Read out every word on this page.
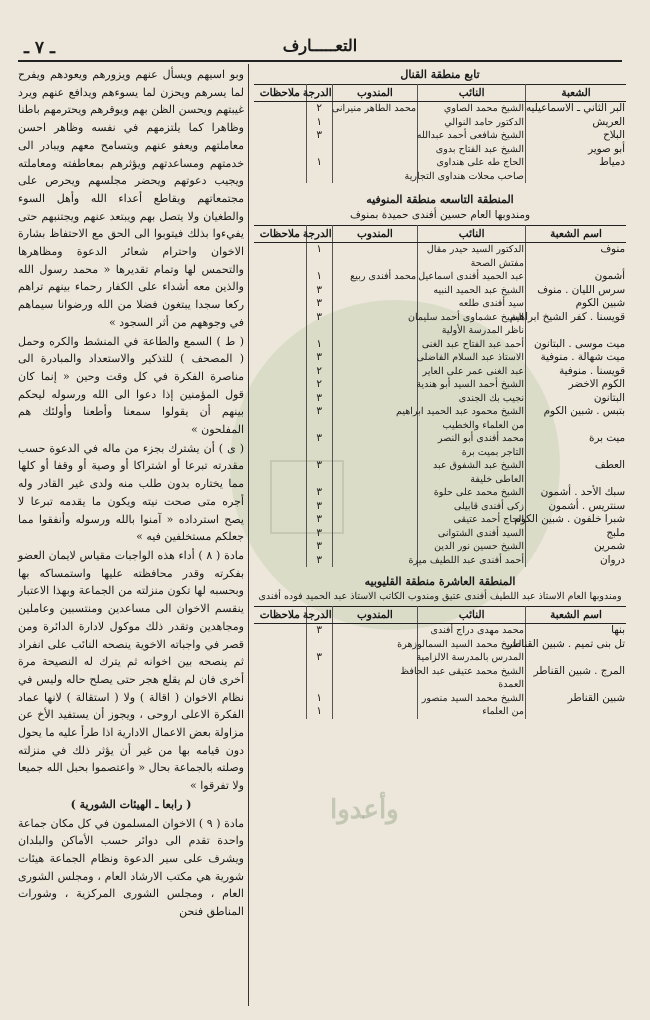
وأعدوا
التعـــــارف
ـ ٧ ـ

وبو اسيهم ويسأل عنهم ويزورهم ويعودهم ويفرح لما يسرهم ويحزن لما يسوءهم ويدافع عنهم ويرد غيبتهم ويحسن الظن بهم ويوقرهم ويحترمهم باطنا وظاهرا كما يلتزمهم في نفسه وظاهر احسن معاملتهم ويعفو عنهم ويتسامح معهم ويبادر الى خدمتهم ومساعدتهم ويؤثرهم بمعاطفته ومعاملته ويجيب دعوتهم ويحضر مجلسهم ويحرص على مجتمعاتهم ويقاطع أعداء الله وأهل السوء والطغيان ولا يتصل بهم ويبتعد عنهم ويجتنبهم حتى يفيءوا بذلك فيتوبوا الى الحق مع الاحتفاظ بشارة الاخوان واحترام شعائر الدعوة ومظاهرها والتحمس لها وتمام تقديرها « محمد رسول الله والذين معه أشداء على الكفار رحماء بينهم تراهم ركعا سجدا يبتغون فضلا من الله ورضوانا سيماهم في وجوههم من أثر السجود »

( ط ) السمع والطاعة في المنشط والكره وحمل ( المصحف ) للتذكير والاستعداد والمبادرة الى مناصرة الفكرة في كل وقت وحين « إنما كان قول المؤمنين إذا دعوا الى الله ورسوله ليحكم بينهم أن يقولوا سمعنا وأطعنا وأولئك هم المفلحون »

( ى ) أن يشترك بجزء من ماله في الدعوة حسب مقدرته تبرعا أو اشتراكا أو وصية أو وقفا أو كلها مما يختاره بدون طلب منه ولدى غير القادر وله أجره متى صحت نيته ويكون ما يقدمه تبرعا لا يصح استرداده « آمنوا بالله ورسوله وأنفقوا مما جعلكم مستخلفين فيه »

مادة ( ٨ ) أداء هذه الواجبات مقياس لايمان العضو بفكرته وقدر محافظته عليها واستمساكه بها وبحسبه لها تكون منزلته من الجماعة وبهذا الاعتبار ينقسم الاخوان الى مساعدين ومنتسبين وعاملين ومجاهدين وتقدر ذلك موكول لادارة الدائرة ومن قصر في واجباته الاخوية ينصحه النائب على انفراد ثم ينصحه بين اخوانه ثم يترك له النصيحة مرة أخرى فان لم يقلع هجر حتى يصلح حاله وليس في نظام الاخوان ( اقالة ) ولا ( استقالة ) لانها عماد الفكرة الاعلى اروحى ، ويجوز أن يستفيد الأخ عن مزاولة بعض الاعمال الادارية اذا طرأ عليه ما يحول دون قيامه بها من غير أن يؤثر ذلك في منزلته وصلته بالجماعة بحال « واعتصموا بحبل الله جميعا ولا تفرقوا »

( رابعا ـ الهيئات الشورية )

مادة ( ٩ ) الاخوان المسلمون في كل مكان جماعة واحدة تقدم الى دوائر حسب الأماكن والبلدان ويشرف على سير الدعوة ونظام الجماعة هيئات شورية هي مكتب الارشاد العام ، ومجلس الشورى العام ، ومجلس الشورى المركزية ، وشورات المناطق فنحن

تابع منطقة القنال
الشعبة	النائب	المندوب	الدرجة	ملاحظات
البر الثاني ـ الاسماعيليه	الشيخ محمد الصاوي	محمد الطاهر منيرانى	٢	
العريش	الدكتور حامد النوالي		١	
البلاح	الشيخ شافعى أحمد عبدالله		٣	
أبو صوير	الشيخ عبد الفتاح بدوى			
دمياط	الحاج طه على هنداوى		١	
	صاحب محلات هنداوى التجارية			
المنطقة التاسعه منطقة المنوفيه
ومندوبها العام حسين أفندى حميدة بمنوف
اسم الشعبة	النائب	المندوب	الدرجة	ملاحظات
منوف	الدكتور السيد حيدر مقال		١	
	مفتش الصحة			
أشمون	عبد الحميد أفندى اسماعيل	محمد أفندى ربيع	١	
سرس الليان . منوف	الشيخ عبد الحميد النبيه		٣	
شبين الكوم	سيد أفندى طلعه		٣	
قويسنا . كفر الشيخ ابراهيم	الشيخ عشماوى أحمد سليمان		٣	
	ناظر المدرسة الأولية			
ميت موسى . البتانون	أحمد عبد الفتاح عبد الغنى		١	
ميت شهالة . منوفية	الاستاذ عبد السلام الفاضلى		٣	
قويسنا . منوفية	عبد الغنى عمر على العاير		٢	
الكوم الاخضر	الشيخ أحمد السيد أبو هندية		٢	
البتانون	نجيب بك الجندى		٣	
بتبس . شبين الكوم	الشيخ محمود عبد الحميد ابراهيم		٣	
	من العلماء والخطيب			
ميت برة	محمد أفندى أبو النصر		٣	
	التاجر بميت برة			
العطف	الشيخ عبد الشفوق عبد		٣	
	العاطى خليفة			
سبك الأحد . أشمون	الشيخ محمد على حلوة		٣	
سنتريس . أشمون	زكى أفندى قابيلى		٣	
شبرا خلفون . شبين الكوم	الحاج أحمد عتيقى		٣	
ملبج	السيد أفندى الشتوانى		٣	
شمرين	الشيخ حسين نور الدين		٣	
دروان	أحمد أفندى عبد اللطيف ميرة		٣	
المنطقة العاشرة منطقة القليوبيه
ومندوبها العام الاستاذ عبد اللطيف أفندى عتيق ومندوب الكاتب الاستاذ عبد الحميد فوده أفندى
اسم الشعبة	النائب	المندوب	الدرجة	ملاحظات
بنها	محمد مهدى دراج أفندى		٣	
تل بنى تميم . شبين القناطر	الشيخ محمد السيد السمالوزهرة			
	المدرس بالمدرسة الالزامية		٣	
المرج . شبين القناطر	الشيخ محمد عتيقى عبد الحافظ			
	العمدة			
شبين القناطر	الشيخ محمد السيد منصور		١	
	من العلماء		١	
